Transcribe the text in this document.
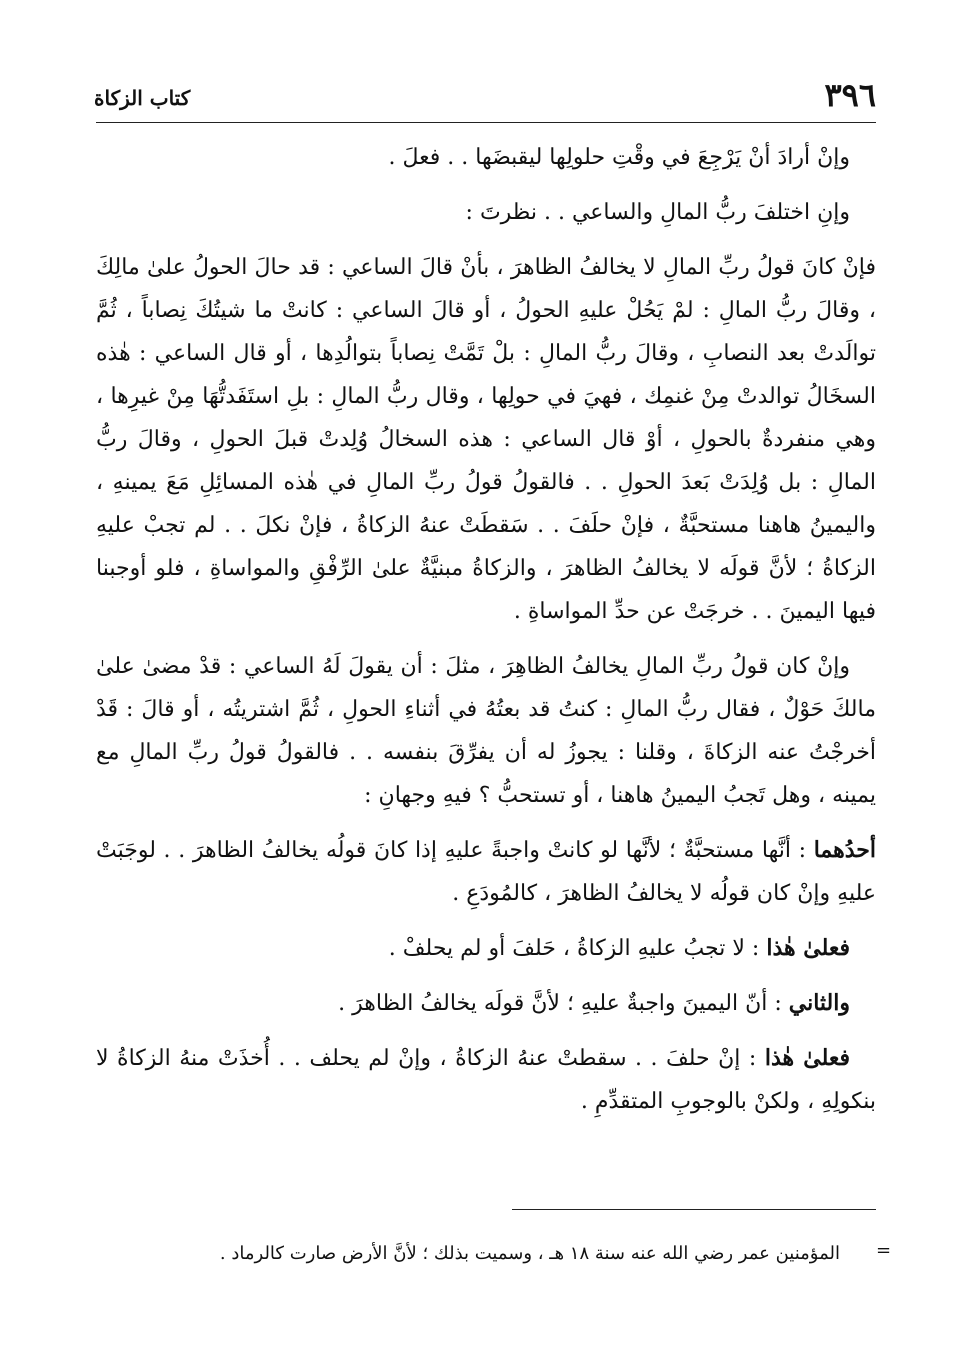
٣٩٦
كتاب الزكاة

وإنْ أرادَ أنْ يَرْجِعَ في وقْتِ حلولِها ليقبضَها . . فعلَ .

وإنِ اختلفَ ربُّ المالِ والساعي . . نظرتَ :

فإنْ كانَ قولُ ربِّ المالِ لا يخالفُ الظاهرَ ، بأنْ قالَ الساعي : قد حالَ الحولُ علىٰ مالِكَ ، وقالَ ربُّ المالِ : لمْ يَحُلْ عليهِ الحولُ ، أو قالَ الساعي : كانتْ ما شيتُكَ نِصاباً ، ثُمَّ توالَدتْ بعد النصابِ ، وقالَ ربُّ المالِ : بلْ تَمَّتْ نِصاباً بتوالُدِها ، أو قال الساعي : هٰذه السخَالُ توالدتْ مِنْ غنمِك ، فهيَ في حولِها ، وقال ربُّ المالِ : بلِ استَفَدتُّهَا مِنْ غيرِها ، وهي منفردةٌ بالحولِ ، أوْ قال الساعي : هذه السخالُ وُلِدتْ قبلَ الحولِ ، وقالَ ربُّ المالِ : بل وُلِدَتْ بَعدَ الحولِ . . فالقولُ قولُ ربِّ المالِ في هٰذه المسائِلِ مَعَ يمينهِ ، واليمينُ هاهنا مستحبَّةٌ ، فإنْ حلَفَ . . سَقطَتْ عنهُ الزكاةُ ، فإنْ نكلَ . . لم تجبْ عليهِ الزكاةُ ؛ لأنَّ قولَه لا يخالفُ الظاهرَ ، والزكاةُ مبنيَّةٌ علىٰ الرِّفْقِ والمواساةِ ، فلو أوجبنا فيها اليمينَ . . خرجَتْ عن حدِّ المواساةِ .

وإنْ كان قولُ ربِّ المالِ يخالفُ الظاهِرَ ، مثلَ : أن يقولَ لَهُ الساعي : قدْ مضىٰ علىٰ مالكَ حَوْلٌ ، فقال ربُّ المالِ : كنتُ قد بعتُهُ في أثناءِ الحولِ ، ثُمَّ اشتريتُه ، أو قالَ : قَدْ أخرجْتُ عنه الزكاةَ ، وقلنا : يجوزُ له أن يفرِّقَ بنفسه . . فالقولُ قولُ ربِّ المالِ مع يمينه ، وهل تَجبُ اليمينُ هاهنا ، أو تستحبُّ ؟ فيهِ وجهانِ :

أحدُهما : أنَّها مستحبَّةٌ ؛ لأنَّها لو كانتْ واجبةً عليهِ إذا كانَ قولُه يخالفُ الظاهرَ . . لوجَبَتْ عليهِ وإنْ كان قولُه لا يخالفُ الظاهرَ ، كالمُودَعِ .

فعلىٰ هٰذا : لا تجبُ عليهِ الزكاةُ ، حَلفَ أو لم يحلفْ .

والثاني : أنّ اليمينَ واجبةٌ عليهِ ؛ لأنَّ قولَه يخالفُ الظاهرَ .

فعلىٰ هٰذا : إنْ حلفَ . . سقطتْ عنهُ الزكاةُ ، وإنْ لم يحلف . . أُخذَتْ منهُ الزكاةُ لا بنكولِهِ ، ولكنْ بالوجوبِ المتقدِّمِ .

=
المؤمنين عمر رضي الله عنه سنة ١٨ هـ ، وسميت بذلك ؛ لأنَّ الأرض صارت كالرماد .
